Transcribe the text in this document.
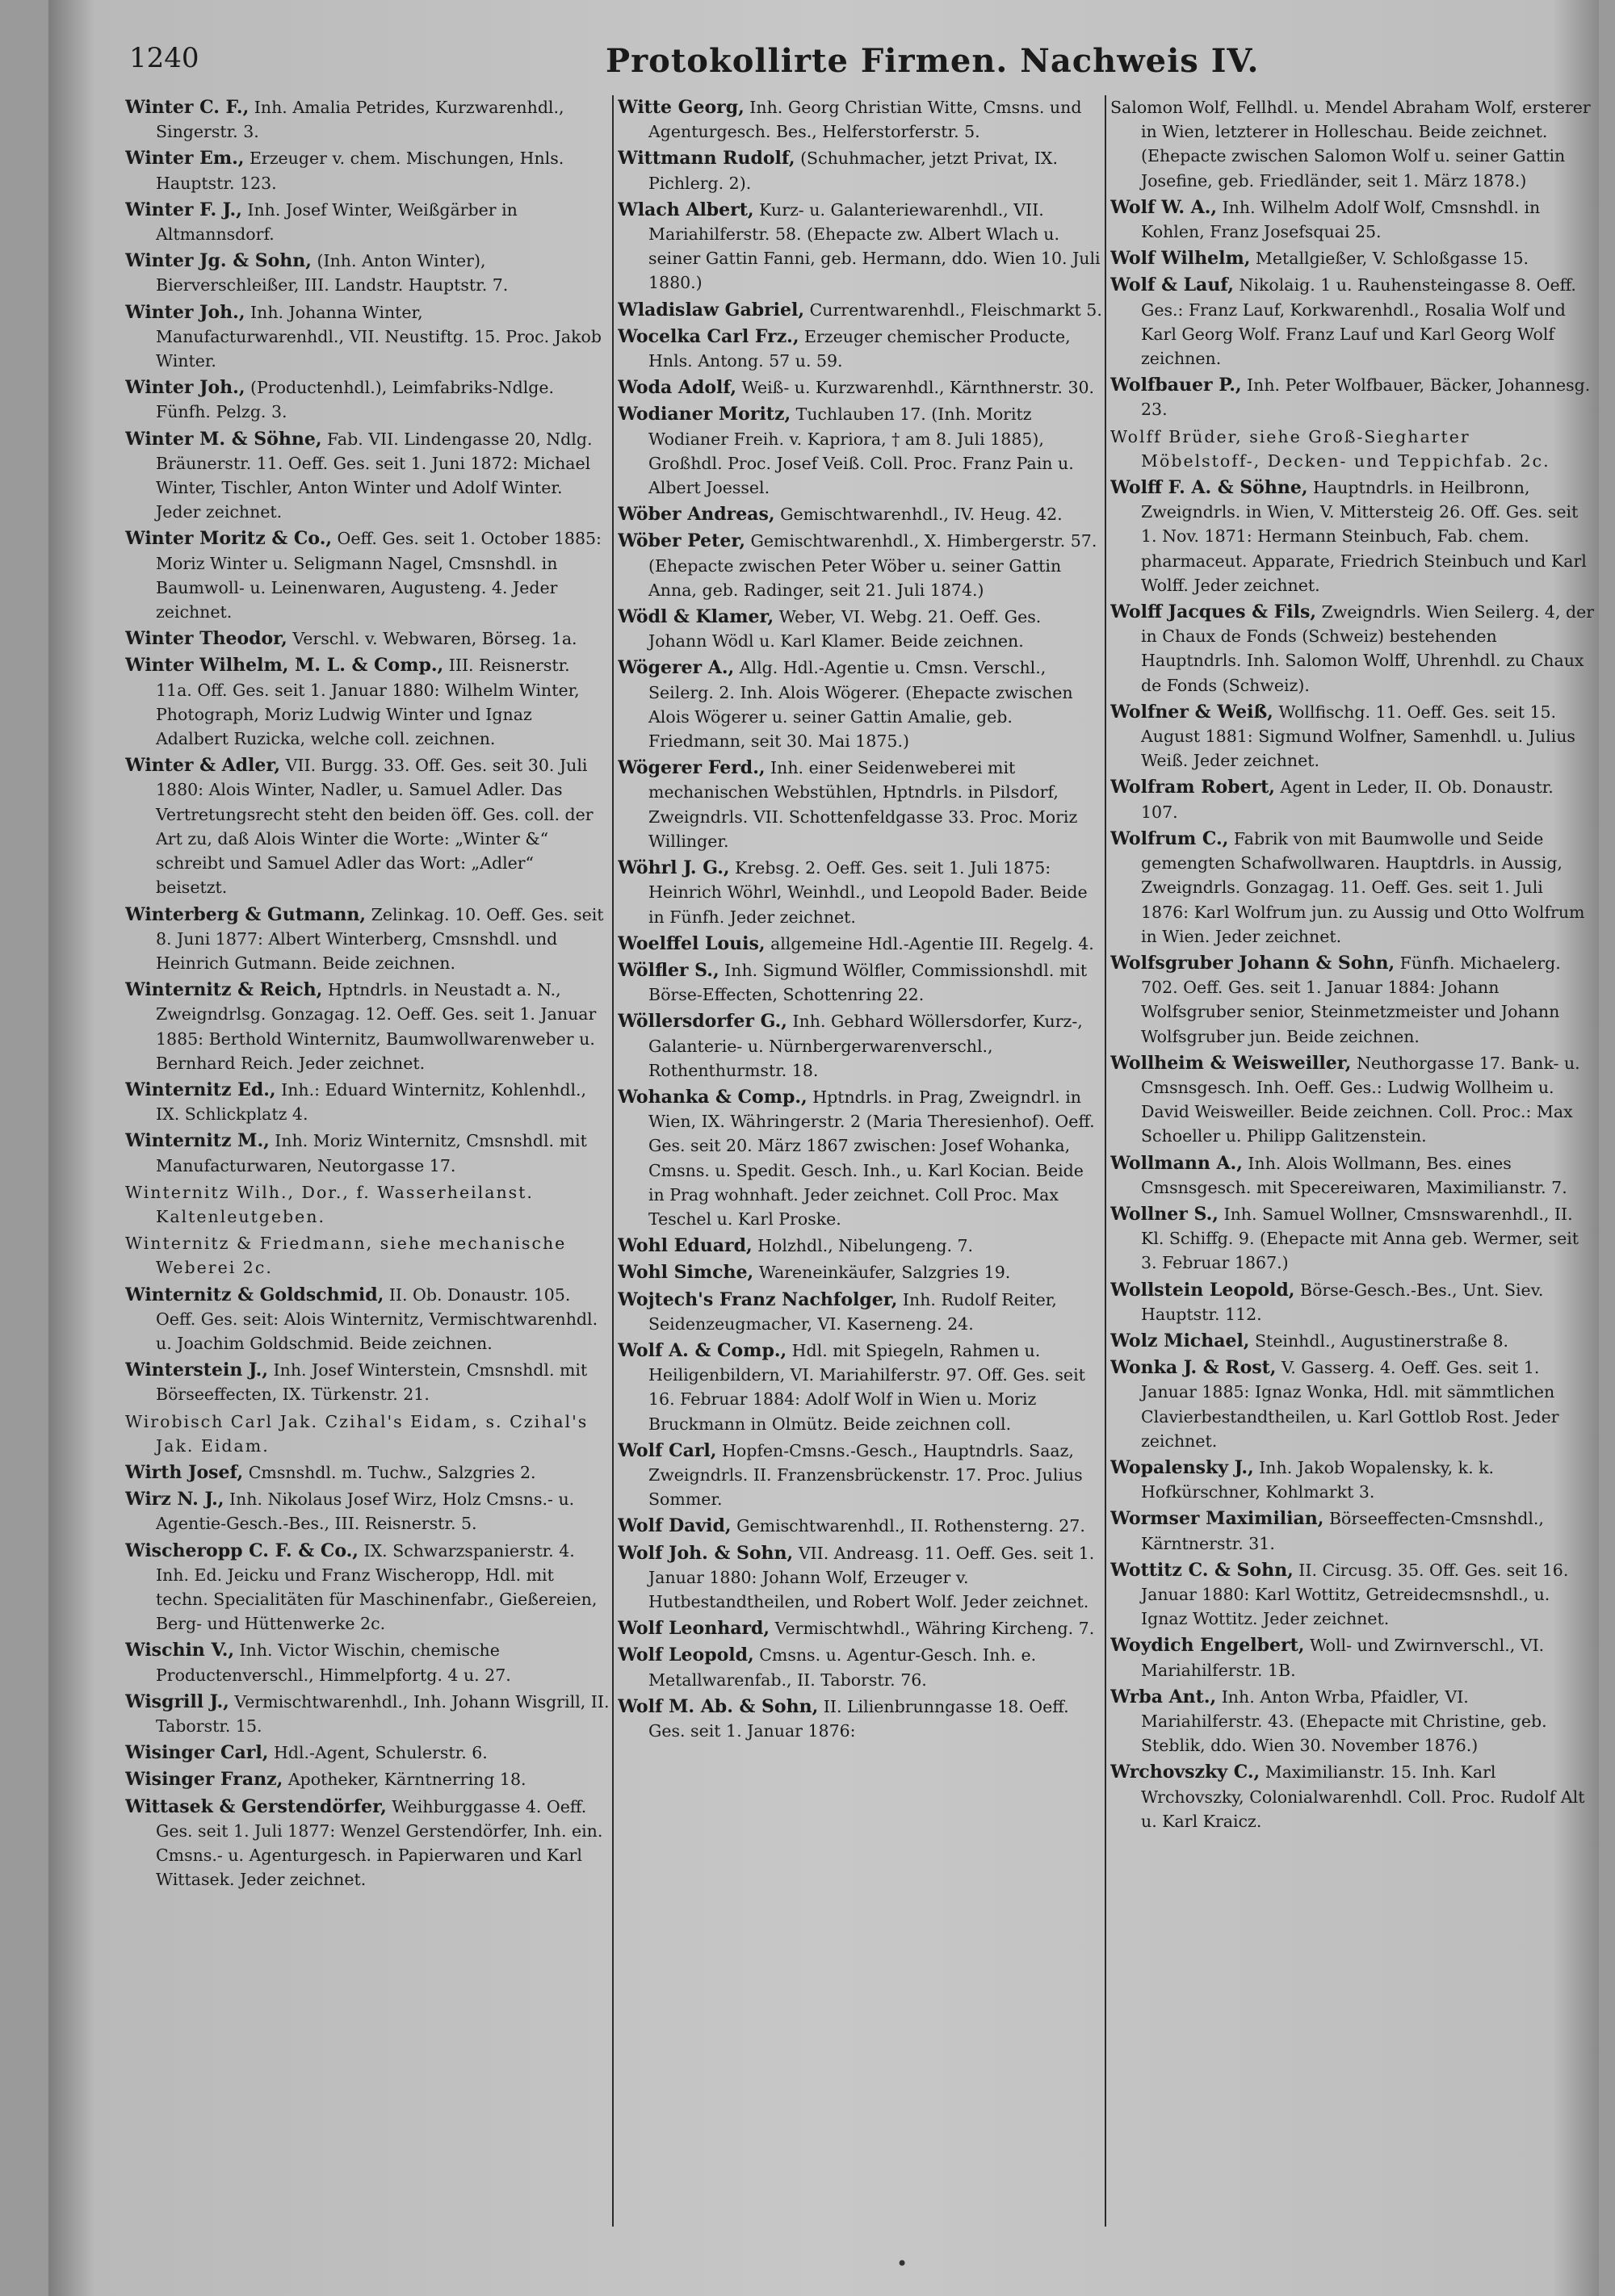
1240	Protokollirte Firmen. Nachweis IV.

Winter C. F., Inh. Amalia Petrides, Kurzwarenhdl., Singerstr. 3.

Winter Em., Erzeuger v. chem. Mischungen, Hnls. Hauptstr. 123.

Winter F. J., Inh. Josef Winter, Weißgärber in Altmannsdorf.

Winter Jg. & Sohn, (Inh. Anton Winter), Bierverschleißer, III. Landstr. Hauptstr. 7.

Winter Joh., Inh. Johanna Winter, Manufacturwarenhdl., VII. Neustiftg. 15. Proc. Jakob Winter.

Winter Joh., (Productenhdl.), Leimfabriks-Ndlge. Fünfh. Pelzg. 3.

Winter M. & Söhne, Fab. VII. Lindengasse 20, Ndlg. Bräunerstr. 11. Oeff. Ges. seit 1. Juni 1872: Michael Winter, Tischler, Anton Winter und Adolf Winter. Jeder zeichnet.

Winter Moritz & Co., Oeff. Ges. seit 1. October 1885: Moriz Winter u. Seligmann Nagel, Cmsnshdl. in Baumwoll- u. Leinenwaren, Augusteng. 4. Jeder zeichnet.

Winter Theodor, Verschl. v. Webwaren, Börseg. 1a.

Winter Wilhelm, M. L. & Comp., III. Reisnerstr. 11a. Off. Ges. seit 1. Januar 1880: Wilhelm Winter, Photograph, Moriz Ludwig Winter und Ignaz Adalbert Ruzicka, welche coll. zeichnen.

Winter & Adler, VII. Burgg. 33. Off. Ges. seit 30. Juli 1880: Alois Winter, Nadler, u. Samuel Adler. Das Vertretungsrecht steht den beiden öff. Ges. coll. der Art zu, daß Alois Winter die Worte: „Winter &“ schreibt und Samuel Adler das Wort: „Adler“ beisetzt.

Winterberg & Gutmann, Zelinkag. 10. Oeff. Ges. seit 8. Juni 1877: Albert Winterberg, Cmsnshdl. und Heinrich Gutmann. Beide zeichnen.

Winternitz & Reich, Hptndrls. in Neustadt a. N., Zweigndrlsg. Gonzagag. 12. Oeff. Ges. seit 1. Januar 1885: Berthold Winternitz, Baumwollwarenweber u. Bernhard Reich. Jeder zeichnet.

Winternitz Ed., Inh.: Eduard Winternitz, Kohlenhdl., IX. Schlickplatz 4.

Winternitz M., Inh. Moriz Winternitz, Cmsnshdl. mit Manufacturwaren, Neutorgasse 17.

Winternitz Wilh., Dor., f. Wasserheilanst. Kaltenleutgeben.

Winternitz & Friedmann, siehe mechanische Weberei 2c.

Winternitz & Goldschmid, II. Ob. Donaustr. 105. Oeff. Ges. seit: Alois Winternitz, Vermischtwarenhdl. u. Joachim Goldschmid. Beide zeichnen.

Winterstein J., Inh. Josef Winterstein, Cmsnshdl. mit Börseeffecten, IX. Türkenstr. 21.

Wirobisch Carl Jak. Czihal's Eidam, s. Czihal's Jak. Eidam.

Wirth Josef, Cmsnshdl. m. Tuchw., Salzgries 2.

Wirz N. J., Inh. Nikolaus Josef Wirz, Holz Cmsns.- u. Agentie-Gesch.-Bes., III. Reisnerstr. 5.

Wischeropp C. F. & Co., IX. Schwarzspanierstr. 4. Inh. Ed. Jeicku und Franz Wischeropp, Hdl. mit techn. Specialitäten für Maschinenfabr., Gießereien, Berg- und Hüttenwerke 2c.

Wischin V., Inh. Victor Wischin, chemische Productenverschl., Himmelpfortg. 4 u. 27.

Wisgrill J., Vermischtwarenhdl., Inh. Johann Wisgrill, II. Taborstr. 15.

Wisinger Carl, Hdl.-Agent, Schulerstr. 6.

Wisinger Franz, Apotheker, Kärntnerring 18.

Wittasek & Gerstendörfer, Weihburggasse 4. Oeff. Ges. seit 1. Juli 1877: Wenzel Gerstendörfer, Inh. ein. Cmsns.- u. Agenturgesch. in Papierwaren und Karl Wittasek. Jeder zeichnet.

Witte Georg, Inh. Georg Christian Witte, Cmsns. und Agenturgesch. Bes., Helferstorferstr. 5.

Wittmann Rudolf, (Schuhmacher, jetzt Privat, IX. Pichlerg. 2).

Wlach Albert, Kurz- u. Galanteriewarenhdl., VII. Mariahilferstr. 58. (Ehepacte zw. Albert Wlach u. seiner Gattin Fanni, geb. Hermann, ddo. Wien 10. Juli 1880.)

Wladislaw Gabriel, Currentwarenhdl., Fleischmarkt 5.

Wocelka Carl Frz., Erzeuger chemischer Producte, Hnls. Antong. 57 u. 59.

Woda Adolf, Weiß- u. Kurzwarenhdl., Kärnthnerstr. 30.

Wodianer Moritz, Tuchlauben 17. (Inh. Moritz Wodianer Freih. v. Kapriora, † am 8. Juli 1885), Großhdl. Proc. Josef Veiß. Coll. Proc. Franz Pain u. Albert Joessel.

Wöber Andreas, Gemischtwarenhdl., IV. Heug. 42.

Wöber Peter, Gemischtwarenhdl., X. Himbergerstr. 57. (Ehepacte zwischen Peter Wöber u. seiner Gattin Anna, geb. Radinger, seit 21. Juli 1874.)

Wödl & Klamer, Weber, VI. Webg. 21. Oeff. Ges. Johann Wödl u. Karl Klamer. Beide zeichnen.

Wögerer A., Allg. Hdl.-Agentie u. Cmsn. Verschl., Seilerg. 2. Inh. Alois Wögerer. (Ehepacte zwischen Alois Wögerer u. seiner Gattin Amalie, geb. Friedmann, seit 30. Mai 1875.)

Wögerer Ferd., Inh. einer Seidenweberei mit mechanischen Webstühlen, Hptndrls. in Pilsdorf, Zweigndrls. VII. Schottenfeldgasse 33. Proc. Moriz Willinger.

Wöhrl J. G., Krebsg. 2. Oeff. Ges. seit 1. Juli 1875: Heinrich Wöhrl, Weinhdl., und Leopold Bader. Beide in Fünfh. Jeder zeichnet.

Woelffel Louis, allgemeine Hdl.-Agentie III. Regelg. 4.

Wölfler S., Inh. Sigmund Wölfler, Commissionshdl. mit Börse-Effecten, Schottenring 22.

Wöllersdorfer G., Inh. Gebhard Wöllersdorfer, Kurz-, Galanterie- u. Nürnbergerwarenverschl., Rothenthurmstr. 18.

Wohanka & Comp., Hptndrls. in Prag, Zweigndrl. in Wien, IX. Währingerstr. 2 (Maria Theresienhof). Oeff. Ges. seit 20. März 1867 zwischen: Josef Wohanka, Cmsns. u. Spedit. Gesch. Inh., u. Karl Kocian. Beide in Prag wohnhaft. Jeder zeichnet. Coll Proc. Max Teschel u. Karl Proske.

Wohl Eduard, Holzhdl., Nibelungeng. 7.

Wohl Simche, Wareneinkäufer, Salzgries 19.

Wojtech's Franz Nachfolger, Inh. Rudolf Reiter, Seidenzeugmacher, VI. Kaserneng. 24.

Wolf A. & Comp., Hdl. mit Spiegeln, Rahmen u. Heiligenbildern, VI. Mariahilferstr. 97. Off. Ges. seit 16. Februar 1884: Adolf Wolf in Wien u. Moriz Bruckmann in Olmütz. Beide zeichnen coll.

Wolf Carl, Hopfen-Cmsns.-Gesch., Hauptndrls. Saaz, Zweigndrls. II. Franzensbrückenstr. 17. Proc. Julius Sommer.

Wolf David, Gemischtwarenhdl., II. Rothensterng. 27.

Wolf Joh. & Sohn, VII. Andreasg. 11. Oeff. Ges. seit 1. Januar 1880: Johann Wolf, Erzeuger v. Hutbestandtheilen, und Robert Wolf. Jeder zeichnet.

Wolf Leonhard, Vermischtwhdl., Währing Kircheng. 7.

Wolf Leopold, Cmsns. u. Agentur-Gesch. Inh. e. Metallwarenfab., II. Taborstr. 76.

Wolf M. Ab. & Sohn, II. Lilienbrunngasse 18. Oeff. Ges. seit 1. Januar 1876:

Salomon Wolf, Fellhdl. u. Mendel Abraham Wolf, ersterer in Wien, letzterer in Holleschau. Beide zeichnet. (Ehepacte zwischen Salomon Wolf u. seiner Gattin Josefine, geb. Friedländer, seit 1. März 1878.)

Wolf W. A., Inh. Wilhelm Adolf Wolf, Cmsnshdl. in Kohlen, Franz Josefsquai 25.

Wolf Wilhelm, Metallgießer, V. Schloßgasse 15.

Wolf & Lauf, Nikolaig. 1 u. Rauhensteingasse 8. Oeff. Ges.: Franz Lauf, Korkwarenhdl., Rosalia Wolf und Karl Georg Wolf. Franz Lauf und Karl Georg Wolf zeichnen.

Wolfbauer P., Inh. Peter Wolfbauer, Bäcker, Johannesg. 23.

Wolff Brüder, siehe Groß-Siegharter Möbelstoff-, Decken- und Teppichfab. 2c.

Wolff F. A. & Söhne, Hauptndrls. in Heilbronn, Zweigndrls. in Wien, V. Mittersteig 26. Off. Ges. seit 1. Nov. 1871: Hermann Steinbuch, Fab. chem. pharmaceut. Apparate, Friedrich Steinbuch und Karl Wolff. Jeder zeichnet.

Wolff Jacques & Fils, Zweigndrls. Wien Seilerg. 4, der in Chaux de Fonds (Schweiz) bestehenden Hauptndrls. Inh. Salomon Wolff, Uhrenhdl. zu Chaux de Fonds (Schweiz).

Wolfner & Weiß, Wollfischg. 11. Oeff. Ges. seit 15. August 1881: Sigmund Wolfner, Samenhdl. u. Julius Weiß. Jeder zeichnet.

Wolfram Robert, Agent in Leder, II. Ob. Donaustr. 107.

Wolfrum C., Fabrik von mit Baumwolle und Seide gemengten Schafwollwaren. Hauptdrls. in Aussig, Zweigndrls. Gonzagag. 11. Oeff. Ges. seit 1. Juli 1876: Karl Wolfrum jun. zu Aussig und Otto Wolfrum in Wien. Jeder zeichnet.

Wolfsgruber Johann & Sohn, Fünfh. Michaelerg. 702. Oeff. Ges. seit 1. Januar 1884: Johann Wolfsgruber senior, Steinmetzmeister und Johann Wolfsgruber jun. Beide zeichnen.

Wollheim & Weisweiller, Neuthorgasse 17. Bank- u. Cmsnsgesch. Inh. Oeff. Ges.: Ludwig Wollheim u. David Weisweiller. Beide zeichnen. Coll. Proc.: Max Schoeller u. Philipp Galitzenstein.

Wollmann A., Inh. Alois Wollmann, Bes. eines Cmsnsgesch. mit Specereiwaren, Maximilianstr. 7.

Wollner S., Inh. Samuel Wollner, Cmsnswarenhdl., II. Kl. Schiffg. 9. (Ehepacte mit Anna geb. Wermer, seit 3. Februar 1867.)

Wollstein Leopold, Börse-Gesch.-Bes., Unt. Siev. Hauptstr. 112.

Wolz Michael, Steinhdl., Augustinerstraße 8.

Wonka J. & Rost, V. Gasserg. 4. Oeff. Ges. seit 1. Januar 1885: Ignaz Wonka, Hdl. mit sämmtlichen Clavierbestandtheilen, u. Karl Gottlob Rost. Jeder zeichnet.

Wopalensky J., Inh. Jakob Wopalensky, k. k. Hofkürschner, Kohlmarkt 3.

Wormser Maximilian, Börseeffecten-Cmsnshdl., Kärntnerstr. 31.

Wottitz C. & Sohn, II. Circusg. 35. Off. Ges. seit 16. Januar 1880: Karl Wottitz, Getreidecmsnshdl., u. Ignaz Wottitz. Jeder zeichnet.

Woydich Engelbert, Woll- und Zwirnverschl., VI. Mariahilferstr. 1B.

Wrba Ant., Inh. Anton Wrba, Pfaidler, VI. Mariahilferstr. 43. (Ehepacte mit Christine, geb. Steblik, ddo. Wien 30. November 1876.)

Wrchovszky C., Maximilianstr. 15. Inh. Karl Wrchovszky, Colonialwarenhdl. Coll. Proc. Rudolf Alt u. Karl Kraicz.

•
